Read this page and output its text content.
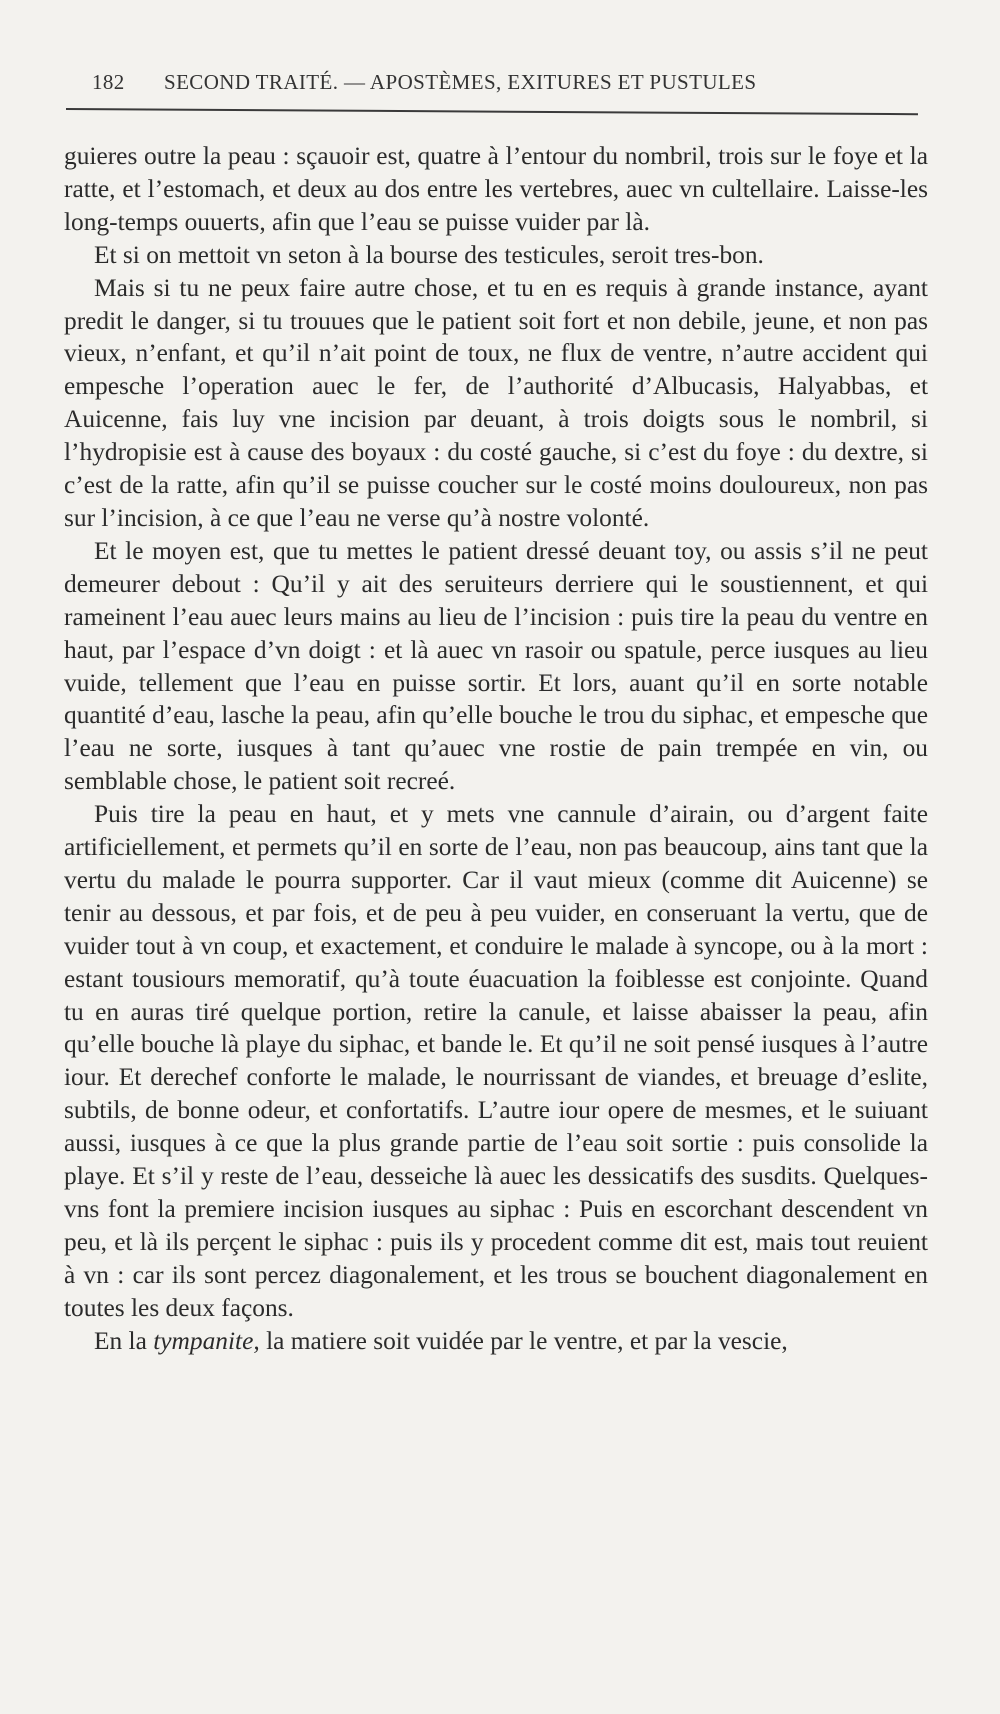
182 SECOND TRAITÉ. — APOSTÈMES, EXITURES ET PUSTULES

guieres outre la peau : sçauoir est, quatre à l’entour du nombril, trois sur le foye et la ratte, et l’estomach, et deux au dos entre les vertebres, auec vn cultellaire. Laisse-les long-temps ouuerts, afin que l’eau se puisse vuider par là.

Et si on mettoit vn seton à la bourse des testicules, seroit tres-bon.

Mais si tu ne peux faire autre chose, et tu en es requis à grande instance, ayant predit le danger, si tu trouues que le patient soit fort et non debile, jeune, et non pas vieux, n’enfant, et qu’il n’ait point de toux, ne flux de ventre, n’autre accident qui empesche l’operation auec le fer, de l’authorité d’Albucasis, Halyabbas, et Auicenne, fais luy vne incision par deuant, à trois doigts sous le nombril, si l’hydropisie est à cause des boyaux : du costé gauche, si c’est du foye : du dextre, si c’est de la ratte, afin qu’il se puisse coucher sur le costé moins douloureux, non pas sur l’incision, à ce que l’eau ne verse qu’à nostre volonté.

Et le moyen est, que tu mettes le patient dressé deuant toy, ou assis s’il ne peut demeurer debout : Qu’il y ait des seruiteurs derriere qui le soustiennent, et qui rameinent l’eau auec leurs mains au lieu de l’incision : puis tire la peau du ventre en haut, par l’espace d’vn doigt : et là auec vn rasoir ou spatule, perce iusques au lieu vuide, tellement que l’eau en puisse sortir. Et lors, auant qu’il en sorte notable quantité d’eau, lasche la peau, afin qu’elle bouche le trou du siphac, et empesche que l’eau ne sorte, iusques à tant qu’auec vne rostie de pain trempée en vin, ou semblable chose, le patient soit recreé.

Puis tire la peau en haut, et y mets vne cannule d’airain, ou d’argent faite artificiellement, et permets qu’il en sorte de l’eau, non pas beaucoup, ains tant que la vertu du malade le pourra supporter. Car il vaut mieux (comme dit Auicenne) se tenir au dessous, et par fois, et de peu à peu vuider, en conseruant la vertu, que de vuider tout à vn coup, et exactement, et conduire le malade à syncope, ou à la mort : estant tousiours memoratif, qu’à toute éuacuation la foiblesse est conjointe. Quand tu en auras tiré quelque portion, retire la canule, et laisse abaisser la peau, afin qu’elle bouche là playe du siphac, et bande le. Et qu’il ne soit pensé iusques à l’autre iour. Et derechef conforte le malade, le nourrissant de viandes, et breuage d’eslite, subtils, de bonne odeur, et confortatifs. L’autre iour opere de mesmes, et le suiuant aussi, iusques à ce que la plus grande partie de l’eau soit sortie : puis consolide la playe. Et s’il y reste de l’eau, desseiche là auec les dessicatifs des susdits. Quelques-vns font la premiere incision iusques au siphac : Puis en escorchant descendent vn peu, et là ils perçent le siphac : puis ils y procedent comme dit est, mais tout reuient à vn : car ils sont percez diagonalement, et les trous se bouchent diagonalement en toutes les deux façons.

En la tympanite, la matiere soit vuidée par le ventre, et par la vescie,
